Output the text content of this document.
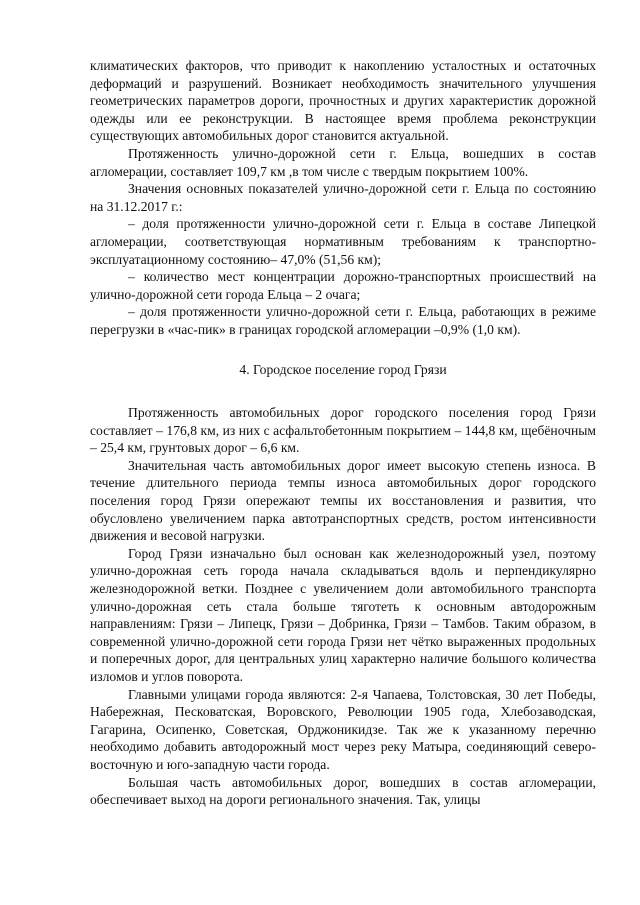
климатических факторов, что приводит к накоплению усталостных и остаточных деформаций и разрушений. Возникает необходимость значительного улучшения геометрических параметров дороги, прочностных и других характеристик дорожной одежды или ее реконструкции. В настоящее время проблема реконструкции существующих автомобильных дорог становится актуальной.

Протяженность улично-дорожной сети г. Ельца, вошедших в состав агломерации, составляет 109,7 км ,в том числе с твердым покрытием 100%.

Значения основных показателей улично-дорожной сети г. Ельца по состоянию на 31.12.2017 г.:

– доля протяженности улично-дорожной сети г. Ельца в составе Липецкой агломерации, соответствующая нормативным требованиям к транспортно-эксплуатационному состоянию– 47,0% (51,56 км);

– количество мест концентрации дорожно-транспортных происшествий на улично-дорожной сети города Ельца – 2 очага;

– доля протяженности улично-дорожной сети г. Ельца, работающих в режиме перегрузки в «час-пик» в границах городской агломерации –0,9% (1,0 км).

4. Городское поселение город Грязи

Протяженность автомобильных дорог городского поселения город Грязи составляет – 176,8 км, из них с асфальтобетонным покрытием – 144,8 км, щебёночным – 25,4 км, грунтовых дорог – 6,6 км.

Значительная часть автомобильных дорог имеет высокую степень износа. В течение длительного периода темпы износа автомобильных дорог городского поселения город Грязи опережают темпы их восстановления и развития, что обусловлено увеличением парка автотранспортных средств, ростом интенсивности движения и весовой нагрузки.

Город Грязи изначально был основан как железнодорожный узел, поэтому улично-дорожная сеть города начала складываться вдоль и перпендикулярно железнодорожной ветки. Позднее с увеличением доли автомобильного транспорта улично-дорожная сеть стала больше тяготеть к основным автодорожным направлениям: Грязи – Липецк, Грязи – Добринка, Грязи – Тамбов. Таким образом, в современной улично-дорожной сети города Грязи нет чётко выраженных продольных и поперечных дорог, для центральных улиц характерно наличие большого количества изломов и углов поворота.

Главными улицами города являются: 2-я Чапаева, Толстовская, 30 лет Победы, Набережная, Песковатская, Воровского, Революции 1905 года, Хлебозаводская, Гагарина, Осипенко, Советская, Орджоникидзе. Так же к указанному перечню необходимо добавить автодорожный мост через реку Матыра, соединяющий северо-восточную и юго-западную части города.

Большая часть автомобильных дорог, вошедших в состав агломерации, обеспечивает выход на дороги регионального значения. Так, улицы
